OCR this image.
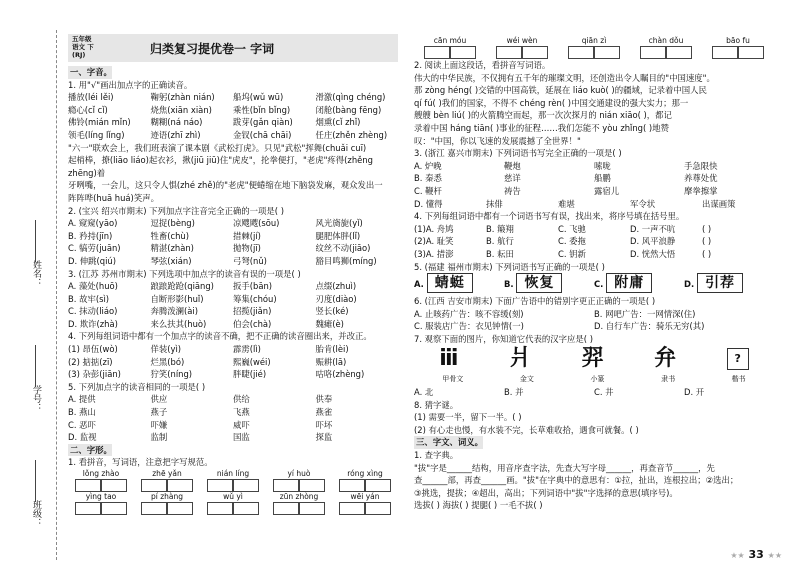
班级：
学号：
姓名：
五年级
语文 下
(RJ)	归类复习提优卷一 字词
一、字音。

1. 用"√"画出加点字的正确读音。

播放(léi lěi)	鞠躬(zhàn nián)	船坞(wǔ wū)	滑激(qìng chéng)
瘾心(cǐ cǐ)	烧焦(xiān xiàn)	乘性(bǐn bǐng)	闭舱(bàng fēng)
佛铃(mián mǐn)	糊糊(ná náo)	跋芽(gǎn qiàn)	烟熏(cǐ zhǐ)
领毛(líng lǐng)	迹语(zhī zhì)	金钗(chā chāi)	任庄(zhěn zhèng)
"六一"联欢会上，我们班表演了课本剧《武松打虎》。只见"武松"挥舞(chuǎi cuī)
起梢棒，撩(liāo liáo)起衣衫，揪(jiū jiū)住"虎皮"，抡拳便打，"老虎"疼得(zhěng zhēng)着
牙咧嘴，一会儿，这只令人惧(zhé zhě)的"老虎"便蜷缩在地下脑袋发麻，观众发出一
阵阵哗(huā huá)笑声。

2. (宝兴 绍兴市期末) 下列加点字注音完全正确的一项是( )

A. 窥窥(yāo)	逗捉(bèng)	凉飕飕(sōu)	风光旖旎(yǐ)
B. 矜持(jīn)	牲畜(chù)	措棘(jí)	腿肥体胖(lǐ)
C. 犒劳(juān)	精湛(zhàn)	拋物(jī)	纹丝不动(jiāo)
D. 伸跳(qiú)	琴弦(xián)	弓弩(nǔ)	豁目鸣狮(míng)

3. (江苏 苏州市期末) 下列选项中加点字的读音有误的一项是( )

A. 藻处(huō)	踉踉跄跄(qiāng)	扳手(bān)	点缀(zhuì)
B. 故牢(sì)	自断形影(huǐ)	筹集(chóu)	刃度(diào)
C. 抹动(liáo)	奔腾泼澜(ài)	招揽(jiǎn)	竖长(ké)
D. 欺诈(zhà)	来么扶其(huò)	伯会(chà)	魏瘫(è)

4. 下列每组词语中都有一个加点字的读音不确，把不正确的读音圈出来，并改正。

(1) 昂伍(wò)	佯装(yì)	霹雳(lì)	胎肯(lèi)
(2) 掂掂(zī)	烂黑(bó)	熙巍(wéi)	赈耕(lā)
(3) 杂彭(jiān)	狞笑(níng)	胖睫(jié)	咕咯(zhèng)

5. 下列加点字的读音相同的一项是( )

A. 提供	供应	供给	供奉
B. 燕山	燕子	飞燕	燕雀
C. 恶吓	吓嫌	威吓	吓坏
D. 监视	监制	国监	探监
二、字形。

1. 看拼音，写词语，注意把字写规范。

lǒng zhào	zhē yǎn	nián líng	yí huò	róng xìng
yìng tao	pí zhàng	wǔ yì	zūn zhòng	wēi yán
cān móu	wéi wèn	qiān zì	chàn dǒu	bāo fu

2. 阅读上面这段话，看拼音写词语。

伟大的中华民族，不仅拥有五千年的璀璨文明，还创造出令人瞩目的"中国速度"。
那 zòng héng( )交错的中国高铁，延展在 liáo kuò( )的疆域，记录着中国人民
qí fú( )我们的国家，不得不 chéng rèn( )中国交通建设的强大实力；那一
艘艘 bèn liú( )的火箭腾空而起，那一次次探月的 nián xiāo( )，都记
录着中国 háng tiān( )事业的征程……我们怎能不 yòu zhǐng( )地赞
叹："中国，你以飞速的发展震撼了全世界！"

3. (浙江 嘉兴市期末) 下列词语书写完全正确的一项是( )

A. 炉晚	鞭炮	嗦咙	手急限快
B. 秦悉	慈详	船鹏	养尊处优
C. 鞭杆	祷告	露宿儿	摩拳擦掌
D. 懂得	抹俳	难堪	军令状	出谋画策

4. 下列每组词语中都有一个词语书写有误，找出来，将序号填在括号里。

(1)A. 舟鸠	B. 簸翔	C. 飞驰	D. 一声不吭	( )
(2)A. 耻笑	B. 航行	C. 委拖	D. 风平浪静	( )
(3)A. 措澎	B. 耘田	C. 钥新	D. 恍然大悟	( )

5. (福建 福州市期末) 下列词语书写正确的一项是( )

A. 蜻蜓	B. 恢复	C. 附庸	D. 引荐

6. (江西 吉安市期末) 下面广告语中的错别字更正正确的一项是( )

A. 止咳药广告：咳不容缓(刻)	B. 网吧广告：一网情深(住)
C. 服装店广告：衣见钟情(一)	D. 自行车广告：骑乐无穷(其)

7. 观察下面的图片，你知道它代表的汉字应是( )

ⅲ 爿 羿 弁	?
甲骨文	金文	小篆	隶书	楷书
A. 北	B. 并	C. 井	D. 开

8. 猜字谜。

(1) 需要一半，留下一半。( )

(2) 有心走也慢，有水装不完，长草难收拾，遇食可就餐。( )

三、字文、词义。

1. 查字典。

"拔"字是______结构，用音序查字法，先查大写字母______，再查音节______，先
查______部，再查______画。"拔"在字典中的意思有：①拉，扯出，连根拉出；②选出；
③挑选，提拔；④超出，高出；下列词语中"拔"字选择的意思(填序号)。
选拔( ) 海拔( ) 提腿( ) 一毛不拔( )
★★ 33 ★★
